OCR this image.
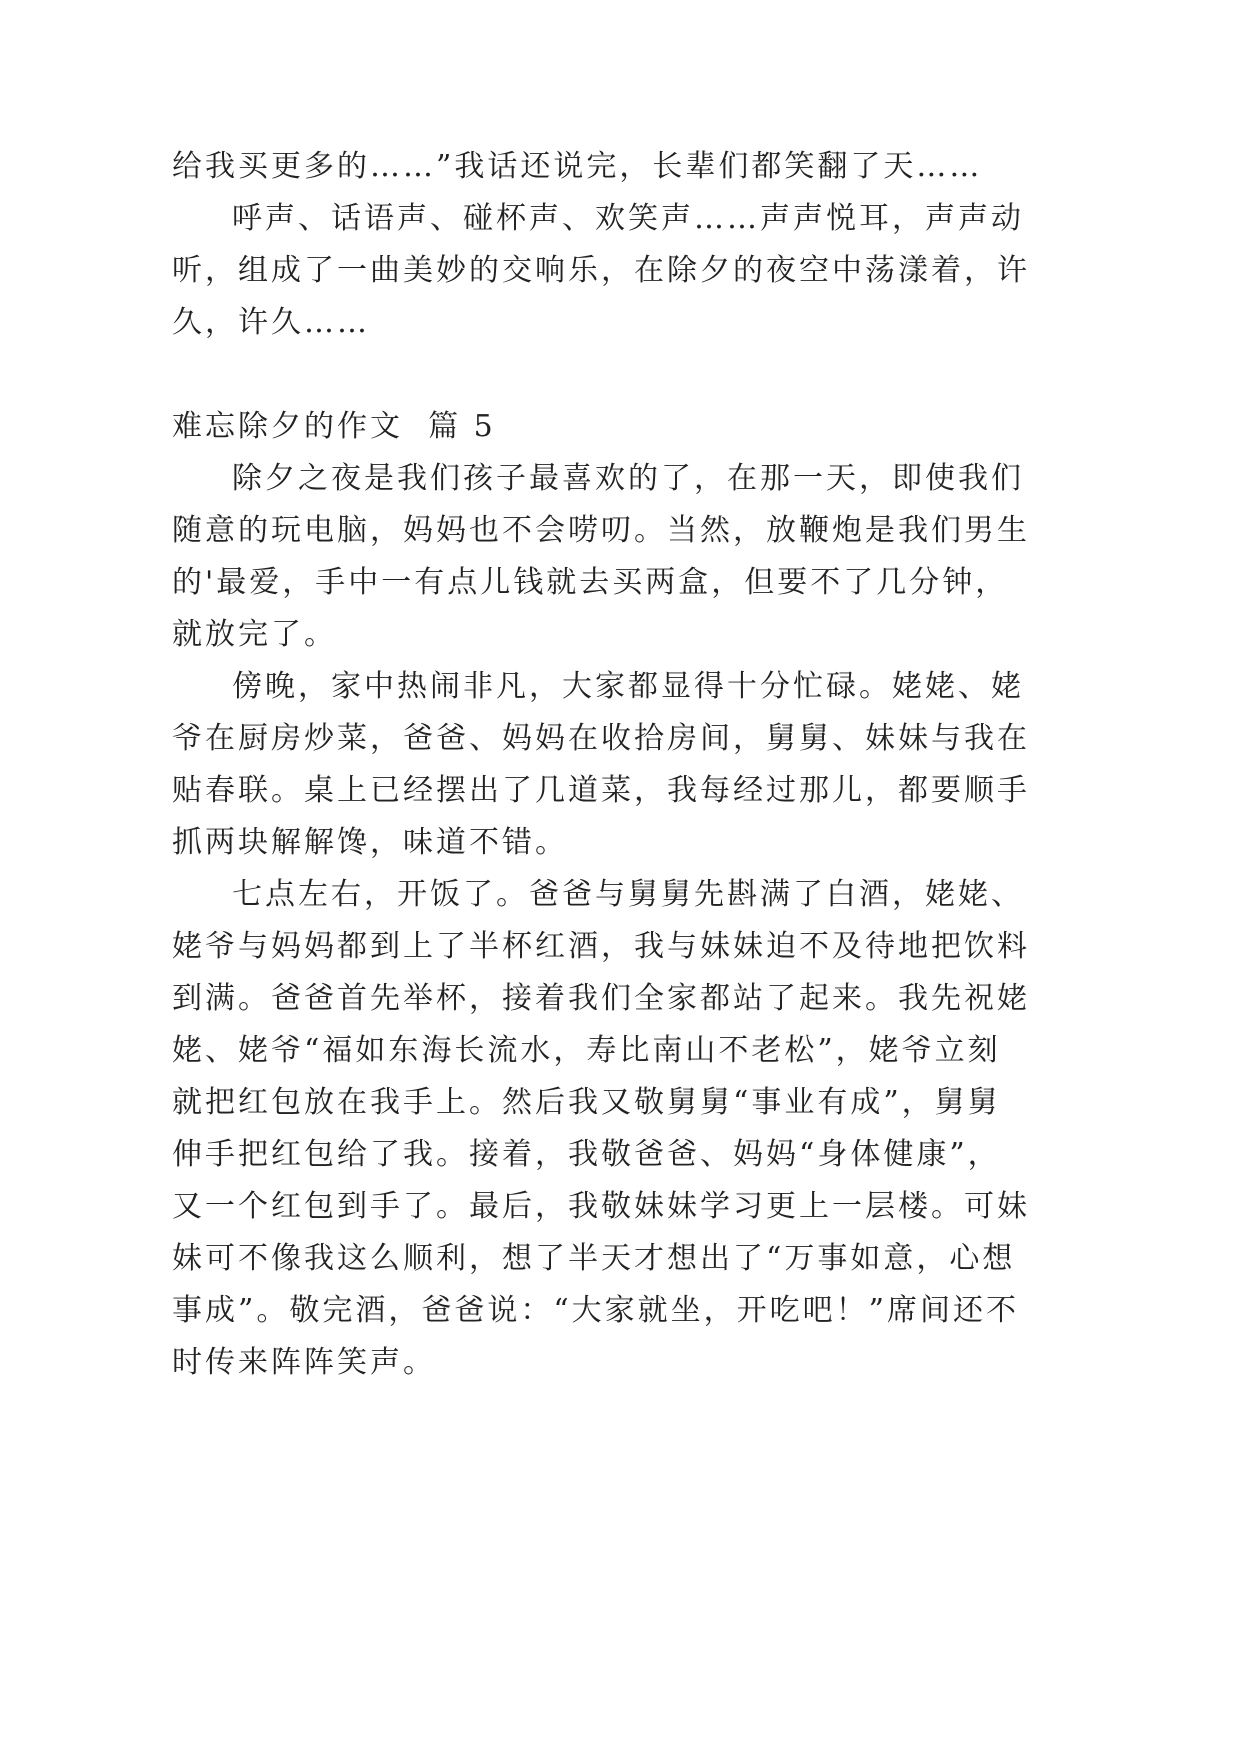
给我买更多的……”我话还说完，长辈们都笑翻了天……
呼声、话语声、碰杯声、欢笑声……声声悦耳，声声动
听，组成了一曲美妙的交响乐，在除夕的夜空中荡漾着，许
久，许久……
难忘除夕的作文  篇 5
除夕之夜是我们孩子最喜欢的了，在那一天，即使我们
随意的玩电脑，妈妈也不会唠叨。当然，放鞭炮是我们男生
的'最爱，手中一有点儿钱就去买两盒，但要不了几分钟，
就放完了。
傍晚，家中热闹非凡，大家都显得十分忙碌。姥姥、姥
爷在厨房炒菜，爸爸、妈妈在收拾房间，舅舅、妹妹与我在
贴春联。桌上已经摆出了几道菜，我每经过那儿，都要顺手
抓两块解解馋，味道不错。
七点左右，开饭了。爸爸与舅舅先斟满了白酒，姥姥、
姥爷与妈妈都到上了半杯红酒，我与妹妹迫不及待地把饮料
到满。爸爸首先举杯，接着我们全家都站了起来。我先祝姥
姥、姥爷“福如东海长流水，寿比南山不老松”，姥爷立刻
就把红包放在我手上。然后我又敬舅舅“事业有成”，舅舅
伸手把红包给了我。接着，我敬爸爸、妈妈“身体健康”，
又一个红包到手了。最后，我敬妹妹学习更上一层楼。可妹
妹可不像我这么顺利，想了半天才想出了“万事如意，心想
事成”。敬完酒，爸爸说：“大家就坐，开吃吧！”席间还不
时传来阵阵笑声。
